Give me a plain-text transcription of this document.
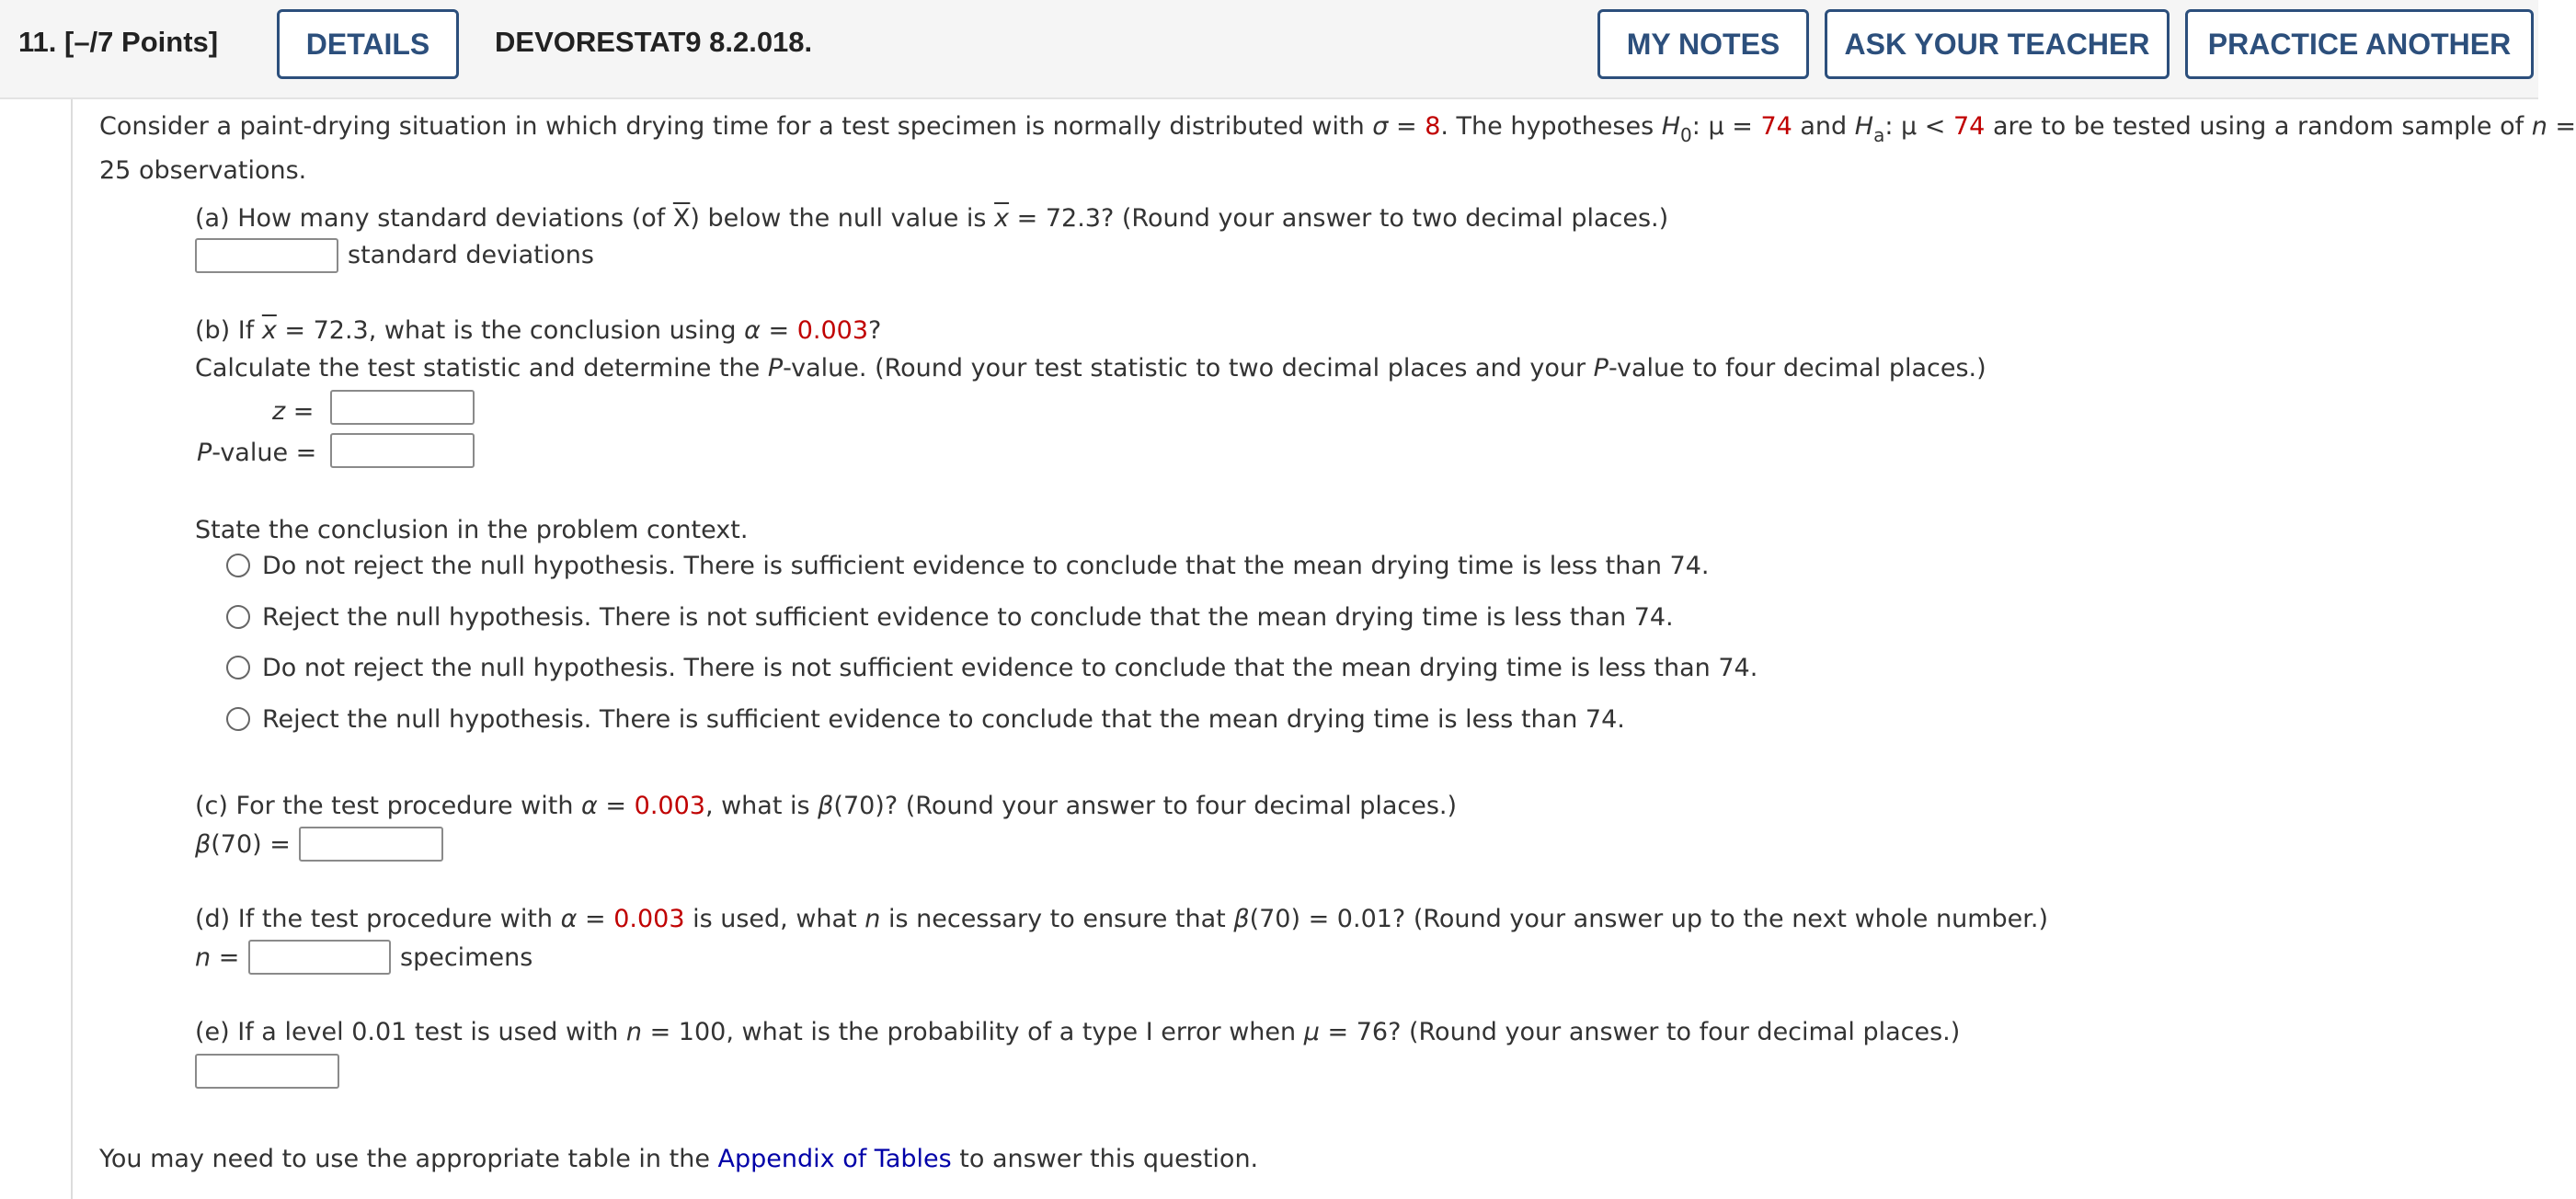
11. [–/7 Points]	DETAILS	DEVORESTAT9 8.2.018.	MY NOTES	ASK YOUR TEACHER	PRACTICE ANOTHER
Consider a paint-drying situation in which drying time for a test specimen is normally distributed with σ = 8. The hypotheses $H_0$: μ = 74 and $H_a$: μ < 74 are to be tested using a random sample of n =
25 observations.
(a) How many standard deviations (of $\overline{X}$) below the null value is $\overline{x} = 72.3$? (Round your answer to two decimal places.)
standard deviations
(b) If $\overline{x} = 72.3$, what is the conclusion using α = 0.003?
Calculate the test statistic and determine the P-value. (Round your test statistic to two decimal places and your P-value to four decimal places.)
z =
P-value =
State the conclusion in the problem context.
Do not reject the null hypothesis. There is sufficient evidence to conclude that the mean drying time is less than 74.
Reject the null hypothesis. There is not sufficient evidence to conclude that the mean drying time is less than 74.
Do not reject the null hypothesis. There is not sufficient evidence to conclude that the mean drying time is less than 74.
Reject the null hypothesis. There is sufficient evidence to conclude that the mean drying time is less than 74.
(c) For the test procedure with α = 0.003, what is β(70)? (Round your answer to four decimal places.)
β(70) =
(d) If the test procedure with α = 0.003 is used, what n is necessary to ensure that β(70) = 0.01? (Round your answer up to the next whole number.)
n =	specimens
(e) If a level 0.01 test is used with n = 100, what is the probability of a type I error when μ = 76? (Round your answer to four decimal places.)
You may need to use the appropriate table in the Appendix of Tables to answer this question.
